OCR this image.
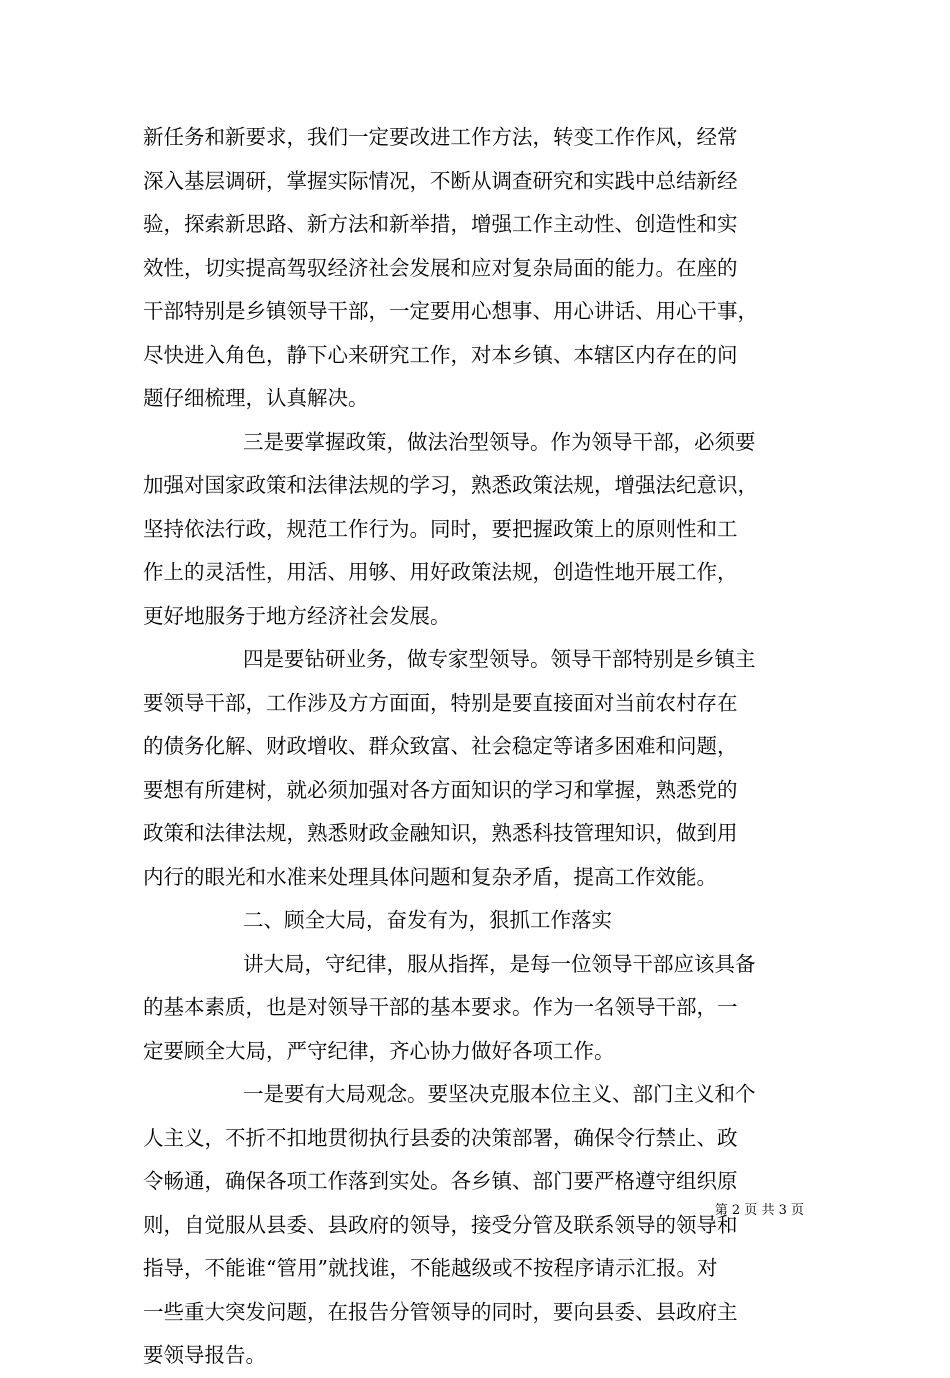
新任务和新要求，我们一定要改进工作方法，转变工作作风，经常
深入基层调研，掌握实际情况，不断从调查研究和实践中总结新经
验，探索新思路、新方法和新举措，增强工作主动性、创造性和实
效性，切实提高驾驭经济社会发展和应对复杂局面的能力。在座的
干部特别是乡镇领导干部，一定要用心想事、用心讲话、用心干事，
尽快进入角色，静下心来研究工作，对本乡镇、本辖区内存在的问
题仔细梳理，认真解决。
三是要掌握政策，做法治型领导。作为领导干部，必须要
加强对国家政策和法律法规的学习，熟悉政策法规，增强法纪意识，
坚持依法行政，规范工作行为。同时，要把握政策上的原则性和工
作上的灵活性，用活、用够、用好政策法规，创造性地开展工作，
更好地服务于地方经济社会发展。
四是要钻研业务，做专家型领导。领导干部特别是乡镇主
要领导干部，工作涉及方方面面，特别是要直接面对当前农村存在
的债务化解、财政增收、群众致富、社会稳定等诸多困难和问题，
要想有所建树，就必须加强对各方面知识的学习和掌握，熟悉党的
政策和法律法规，熟悉财政金融知识，熟悉科技管理知识，做到用
内行的眼光和水准来处理具体问题和复杂矛盾，提高工作效能。
二、顾全大局，奋发有为，狠抓工作落实
讲大局，守纪律，服从指挥，是每一位领导干部应该具备
的基本素质，也是对领导干部的基本要求。作为一名领导干部，一
定要顾全大局，严守纪律，齐心协力做好各项工作。
一是要有大局观念。要坚决克服本位主义、部门主义和个
人主义，不折不扣地贯彻执行县委的决策部署，确保令行禁止、政
令畅通，确保各项工作落到实处。各乡镇、部门要严格遵守组织原
则，自觉服从县委、县政府的领导，接受分管及联系领导的领导和
指导，不能谁“管用”就找谁，不能越级或不按程序请示汇报。对
一些重大突发问题，在报告分管领导的同时，要向县委、县政府主
要领导报告。
第 2 页 共 3 页
